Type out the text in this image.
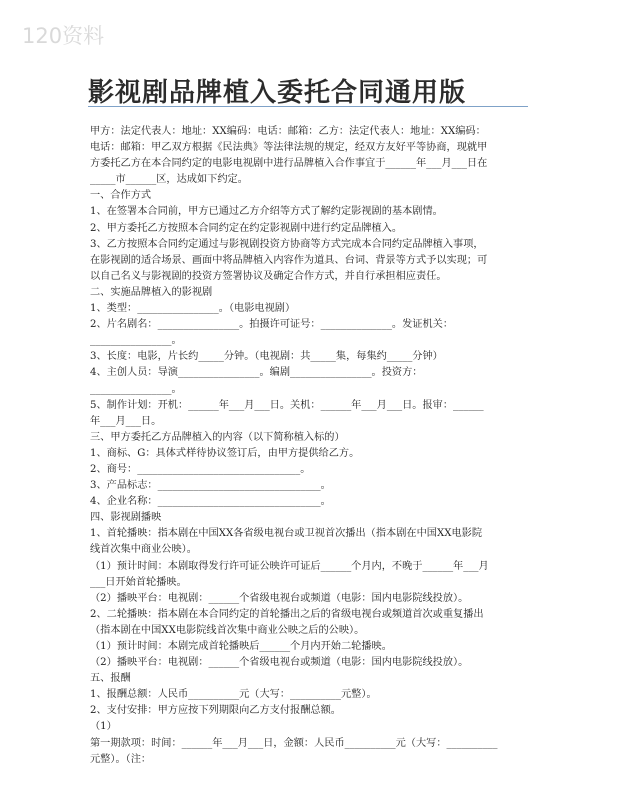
120资料
影视剧品牌植入委托合同通用版

甲方：法定代表人：地址：XX编码：电话：邮箱：乙方：法定代表人：地址：XX编码：

电话：邮箱：甲乙双方根据《民法典》等法律法规的规定，经双方友好平等协商，现就甲

方委托乙方在本合同约定的电影电视剧中进行品牌植入合作事宜于______年___月___日在

_____市______区，达成如下约定。

一、合作方式

1、在签署本合同前，甲方已通过乙方介绍等方式了解约定影视剧的基本剧情。

2、甲方委托乙方按照本合同约定在约定影视剧中进行约定品牌植入。

3、乙方按照本合同约定通过与影视剧投资方协商等方式完成本合同约定品牌植入事项，

在影视剧的适合场景、画面中将品牌植入内容作为道具、台词、背景等方式予以实现；可

以自己名义与影视剧的投资方签署协议及确定合作方式，并自行承担相应责任。

二、实施品牌植入的影视剧

1、类型：________________。（电影电视剧）

2、片名剧名：________________。拍摄许可证号：______________。发证机关：

________________。

3、长度：电影，片长约_____分钟。（电视剧：共_____集，每集约_____分钟）

4、主创人员：导演________________。编剧________________。投资方：

________________。

5、制作计划：开机：______年___月___日。关机：______年___月___日。报审：______

年___月___日。

三、甲方委托乙方品牌植入的内容（以下简称植入标的）

1、商标、G：具体式样待协议签订后，由甲方提供给乙方。

2、商号：________________________________。

3、产品标志：________________________________。

4、企业名称：________________________________。

四、影视剧播映

1、首轮播映：指本剧在中国XX各省级电视台或卫视首次播出（指本剧在中国XX电影院

线首次集中商业公映）。

（1）预计时间：本剧取得发行许可证公映许可证后______个月内，不晚于______年___月

___日开始首轮播映。

（2）播映平台：电视剧：______个省级电视台或频道（电影：国内电影院线投放）。

2、二轮播映：指本剧在本合同约定的首轮播出之后的省级电视台或频道首次或重复播出

（指本剧在中国XX电影院线首次集中商业公映之后的公映）。

（1）预计时间：本剧完成首轮播映后______个月内开始二轮播映。

（2）播映平台：电视剧：______个省级电视台或频道（电影：国内电影院线投放）。

五、报酬

1、报酬总额：人民币__________元（大写：__________元整）。

2、支付安排：甲方应按下列期限向乙方支付报酬总额。

（1）

第一期款项：时间：______年___月___日，金额：人民币__________元（大写：__________

元整）。（注：
